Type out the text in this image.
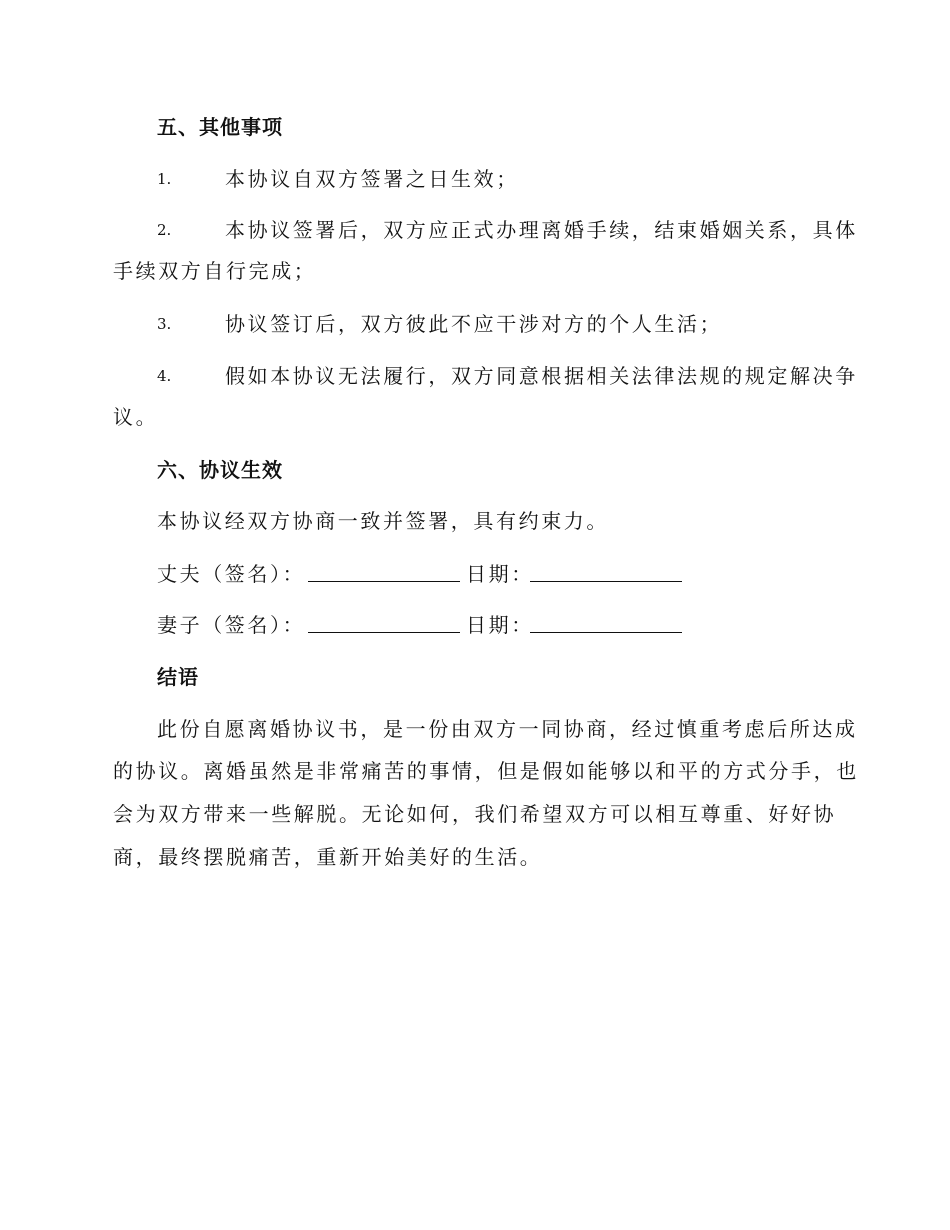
五、其他事项
1.	本协议自双方签署之日生效；
2.	本协议签署后，双方应正式办理离婚手续，结束婚姻关系，具体
手续双方自行完成；
3.	协议签订后，双方彼此不应干涉对方的个人生活；
4.	假如本协议无法履行，双方同意根据相关法律法规的规定解决争
议。
六、协议生效
本协议经双方协商一致并签署，具有约束力。
丈夫（签名）：	日期：
妻子（签名）：	日期：
结语
此份自愿离婚协议书，是一份由双方一同协商，经过慎重考虑后所达成
的协议。离婚虽然是非常痛苦的事情，但是假如能够以和平的方式分手，也
会为双方带来一些解脱。无论如何，我们希望双方可以相互尊重、好好协
商，最终摆脱痛苦，重新开始美好的生活。
